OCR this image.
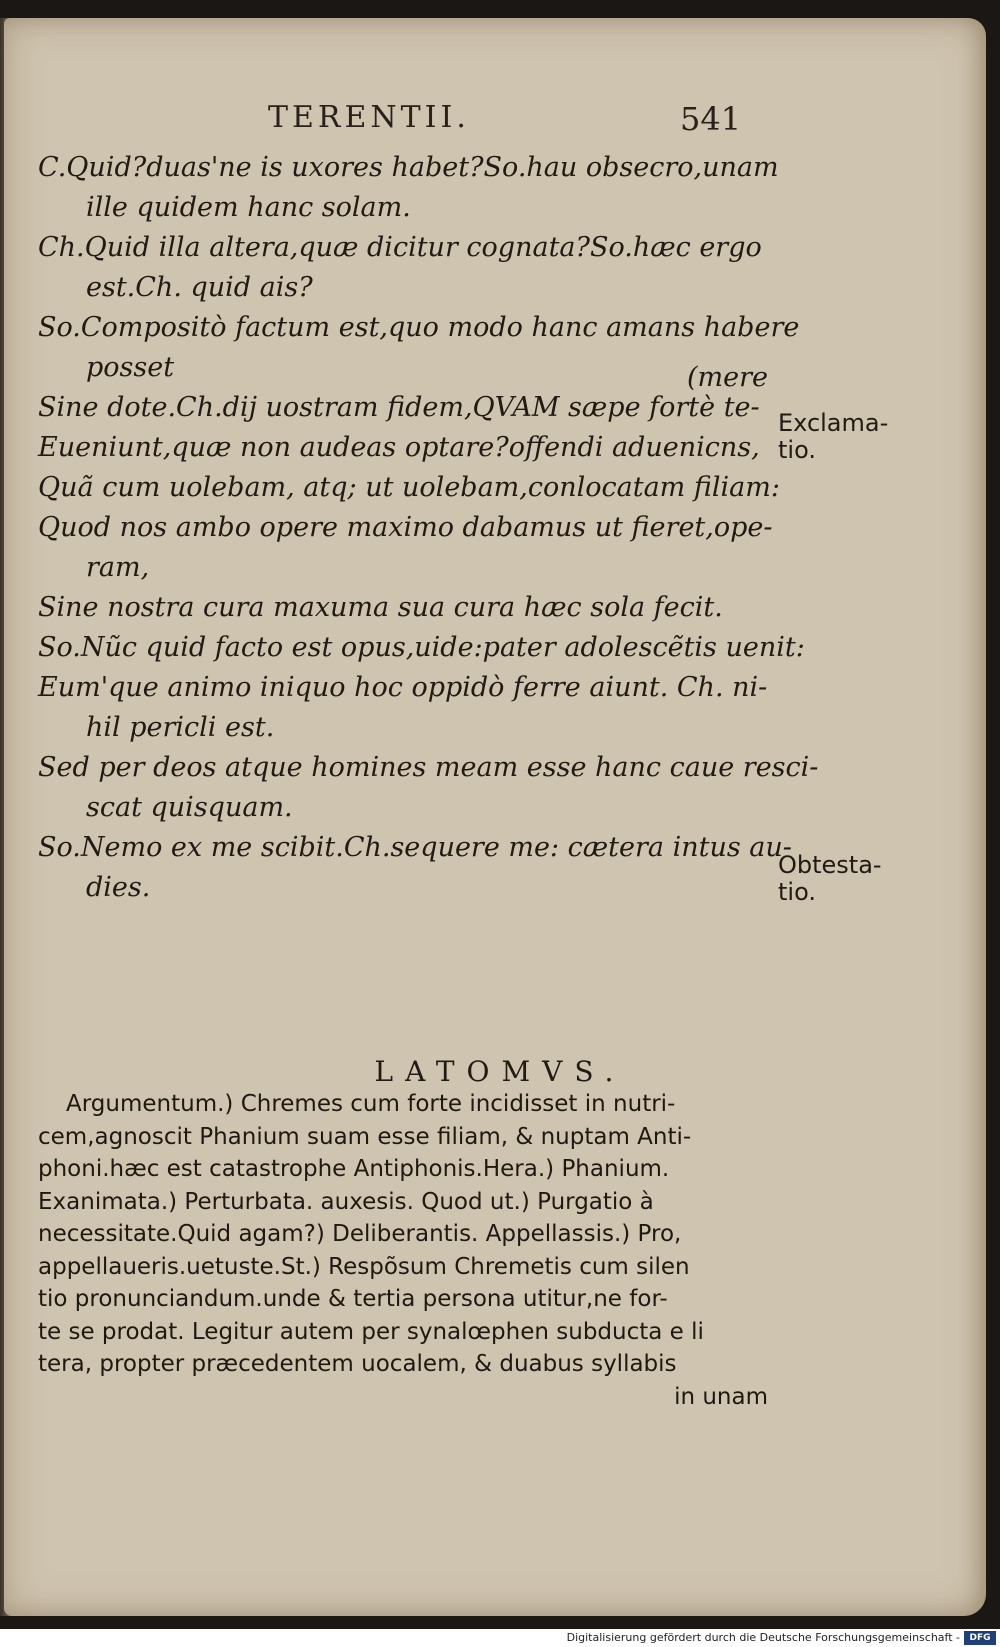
TERENTII.	541
C.Quid?duas'ne is uxores habet?So.hau obsecro,unam
ille quidem hanc solam.
Ch.Quid illa altera,quæ dicitur cognata?So.hæc ergo
est.Ch. quid ais?
So.Compositò factum est,quo modo hanc amans habere
posset	(mere
Sine dote.Ch.dij uostram fidem,QVAM sæpe fortè te-
Eueniunt,quæ non audeas optare?offendi aduenicns,
Quã cum uolebam, atq; ut uolebam,conlocatam filiam:
Quod nos ambo opere maximo dabamus ut fieret,ope-
ram,
Sine nostra cura maxuma sua cura hæc sola fecit.
So.Nũc quid facto est opus,uide:pater adolescẽtis uenit:
Eum'que animo iniquo hoc oppidò ferre aiunt. Ch. ni-
hil pericli est.
Sed per deos atque homines meam esse hanc caue resci-
scat quisquam.
So.Nemo ex me scibit.Ch.sequere me: cætera intus au-
dies.
Exclama-
tio.
Obtesta-
tio.
LATOMVS.
Argumentum.) Chremes cum forte incidisset in nutri-
cem,agnoscit Phanium suam esse filiam, & nuptam Anti-
phoni.hæc est catastrophe Antiphonis.Hera.) Phanium.
Exanimata.) Perturbata. auxesis. Quod ut.) Purgatio à
necessitate.Quid agam?) Deliberantis. Appellassis.) Pro,
appellaueris.uetuste.St.) Respõsum Chremetis cum silen
tio pronunciandum.unde & tertia persona utitur,ne for-
te se prodat. Legitur autem per synalœphen subducta e li
tera, propter præcedentem uocalem, & duabus syllabis
in unam
Digitalisierung gefördert durch die Deutsche Forschungsgemeinschaft -	DFG
